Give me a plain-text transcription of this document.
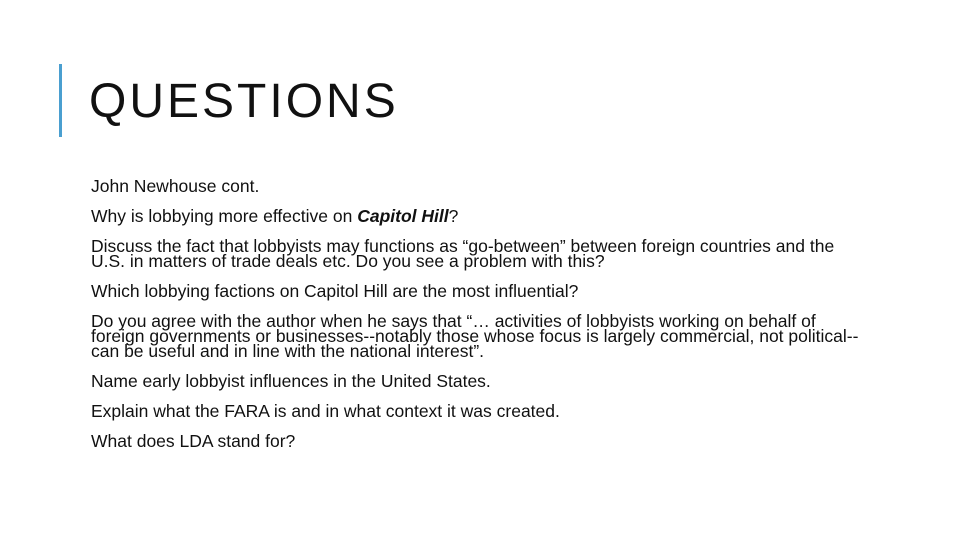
QUESTIONS
John Newhouse cont.
Why is lobbying more effective on Capitol Hill?
Discuss the fact that lobbyists may functions as “go-between” between foreign countries and the U.S. in matters of trade deals etc. Do you see a problem with this?
Which lobbying factions on Capitol Hill are the most influential?
Do you agree with the author when he says that “… activities of lobbyists working on behalf of foreign governments or businesses--notably those whose focus is largely commercial, not political--can be useful and in line with the national interest”.
Name early lobbyist influences in the United States.
Explain what the FARA is and in what context it was created.
What does LDA stand for?
